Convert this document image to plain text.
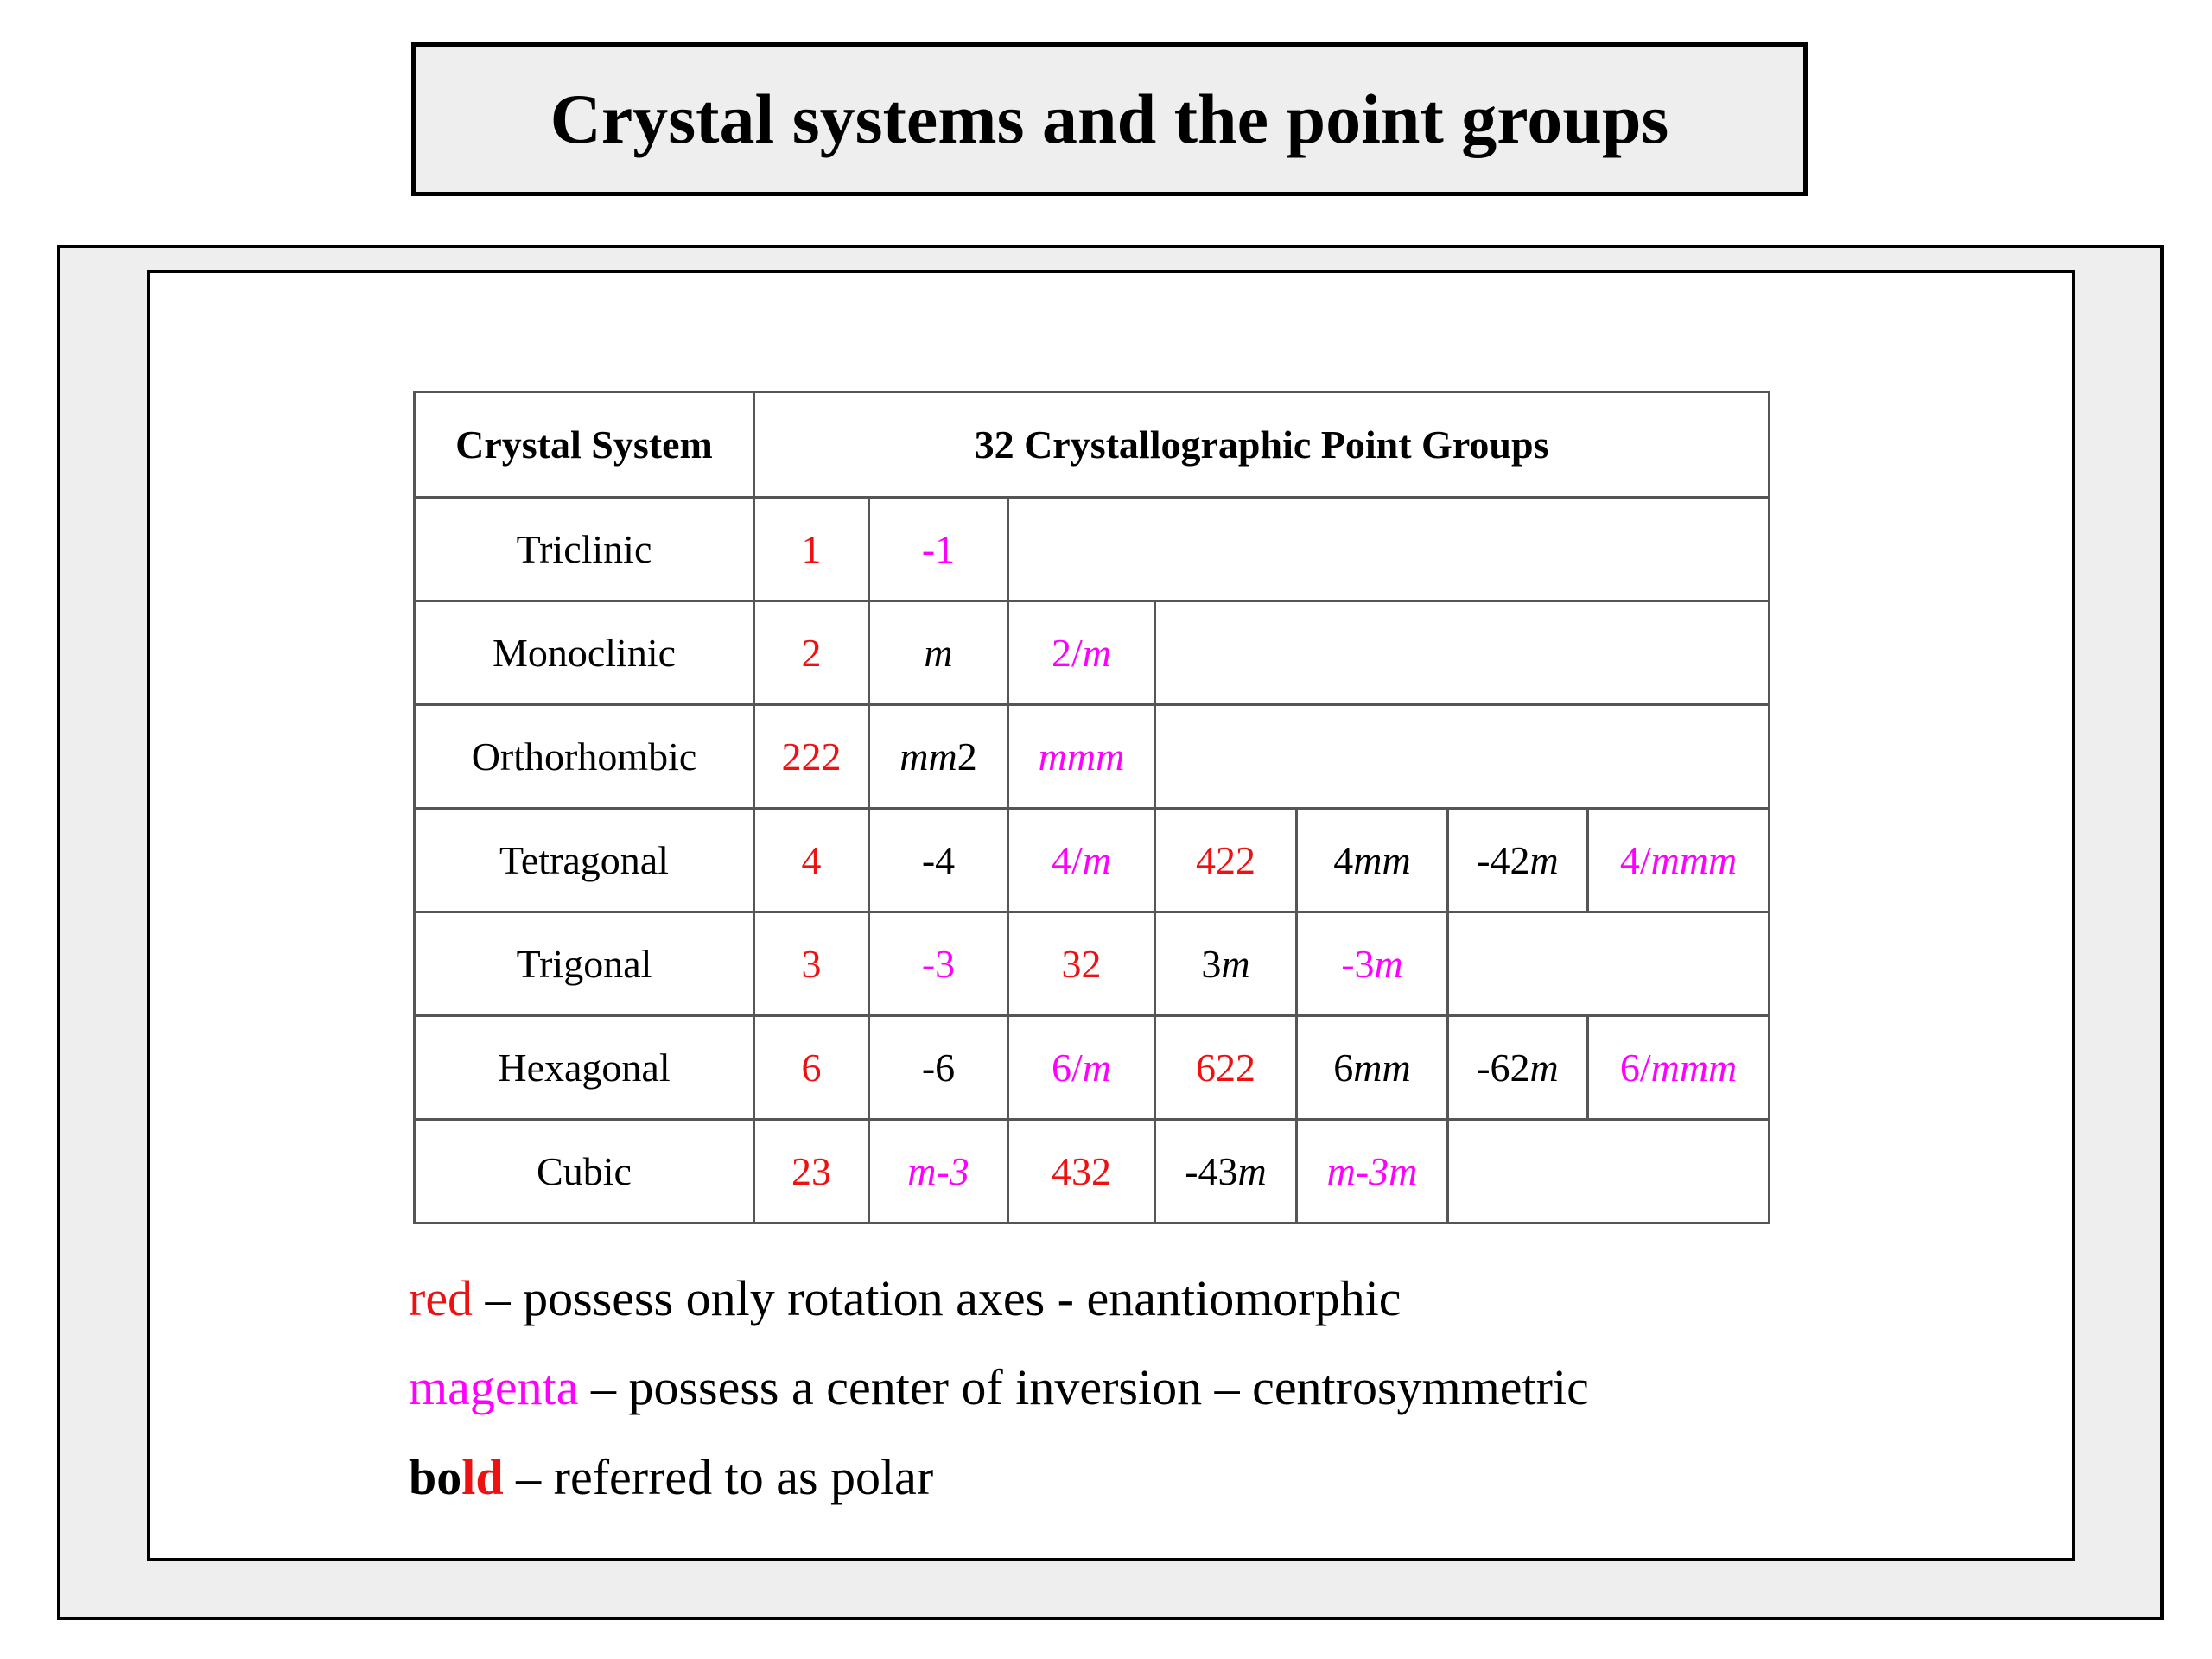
Crystal systems and the point groups
Crystal System	32 Crystallographic Point Groups						
Triclinic	1	-1					
Monoclinic	2	m	2/m				
Orthorhombic	222	mm2	mmm				
Tetragonal	4	-4	4/m	422	4mm	-42m	4/mmm
Trigonal	3	-3	32	3m	-3m		
Hexagonal	6	-6	6/m	622	6mm	-62m	6/mmm
Cubic	23	m-3	432	-43m	m-3m		
red – possess only rotation axes - enantiomorphic
magenta – possess a center of inversion – centrosymmetric
bold – referred to as polar
